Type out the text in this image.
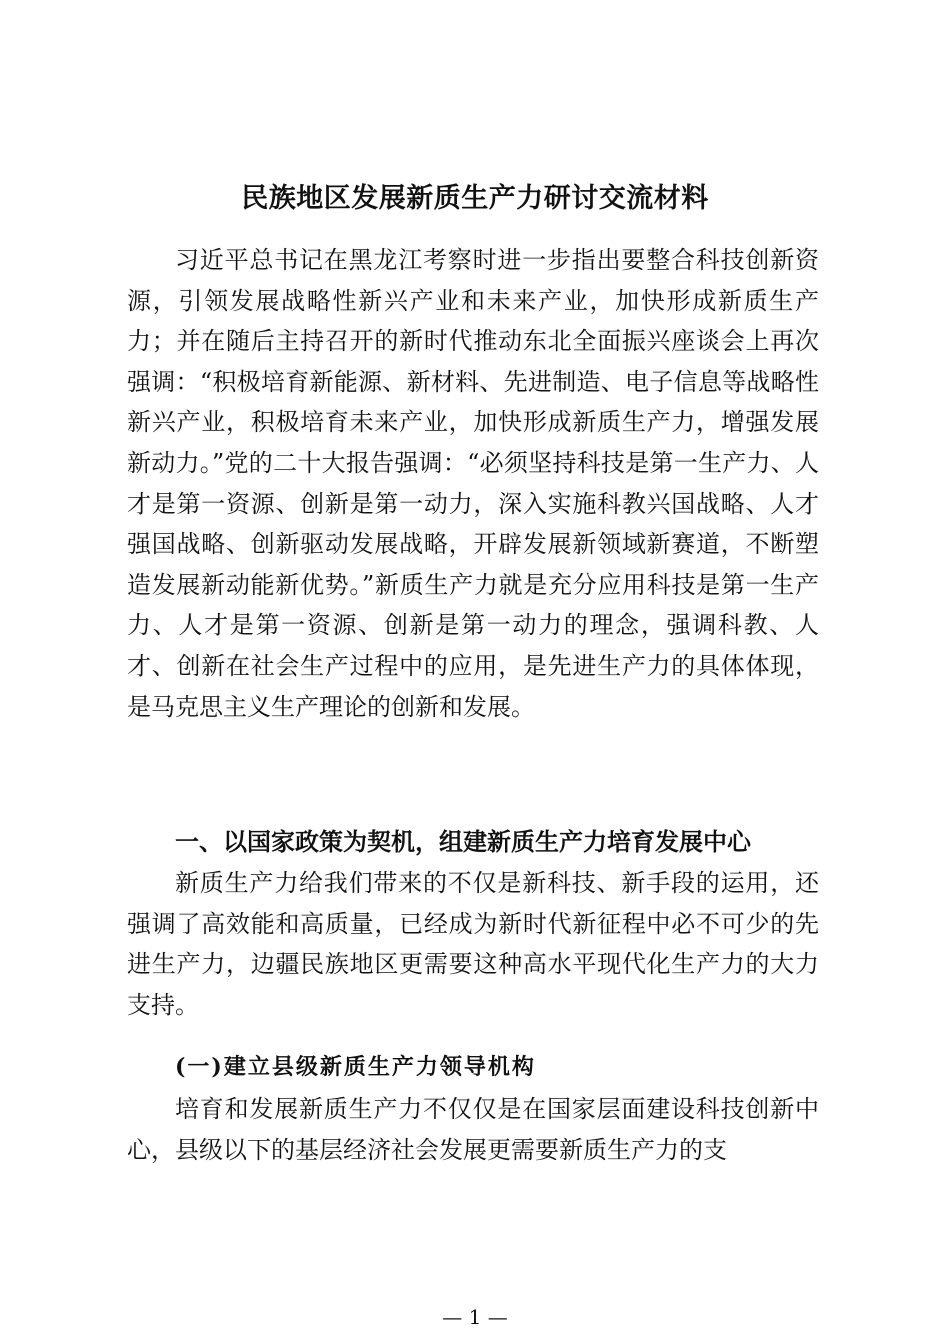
民族地区发展新质生产力研讨交流材料

习近平总书记在黑龙江考察时进一步指出要整合科技创新资源，引领发展战略性新兴产业和未来产业，加快形成新质生产力；并在随后主持召开的新时代推动东北全面振兴座谈会上再次强调：“积极培育新能源、新材料、先进制造、电子信息等战略性新兴产业，积极培育未来产业，加快形成新质生产力，增强发展新动力。”党的二十大报告强调：“必须坚持科技是第一生产力、人才是第一资源、创新是第一动力，深入实施科教兴国战略、人才强国战略、创新驱动发展战略，开辟发展新领域新赛道，不断塑造发展新动能新优势。”新质生产力就是充分应用科技是第一生产力、人才是第一资源、创新是第一动力的理念，强调科教、人才、创新在社会生产过程中的应用，是先进生产力的具体体现，是马克思主义生产理论的创新和发展。

一、以国家政策为契机，组建新质生产力培育发展中心

新质生产力给我们带来的不仅是新科技、新手段的运用，还强调了高效能和高质量，已经成为新时代新征程中必不可少的先进生产力，边疆民族地区更需要这种高水平现代化生产力的大力支持。

(一)建立县级新质生产力领导机构

培育和发展新质生产力不仅仅是在国家层面建设科技创新中心，县级以下的基层经济社会发展更需要新质生产力的支

— 1 —
